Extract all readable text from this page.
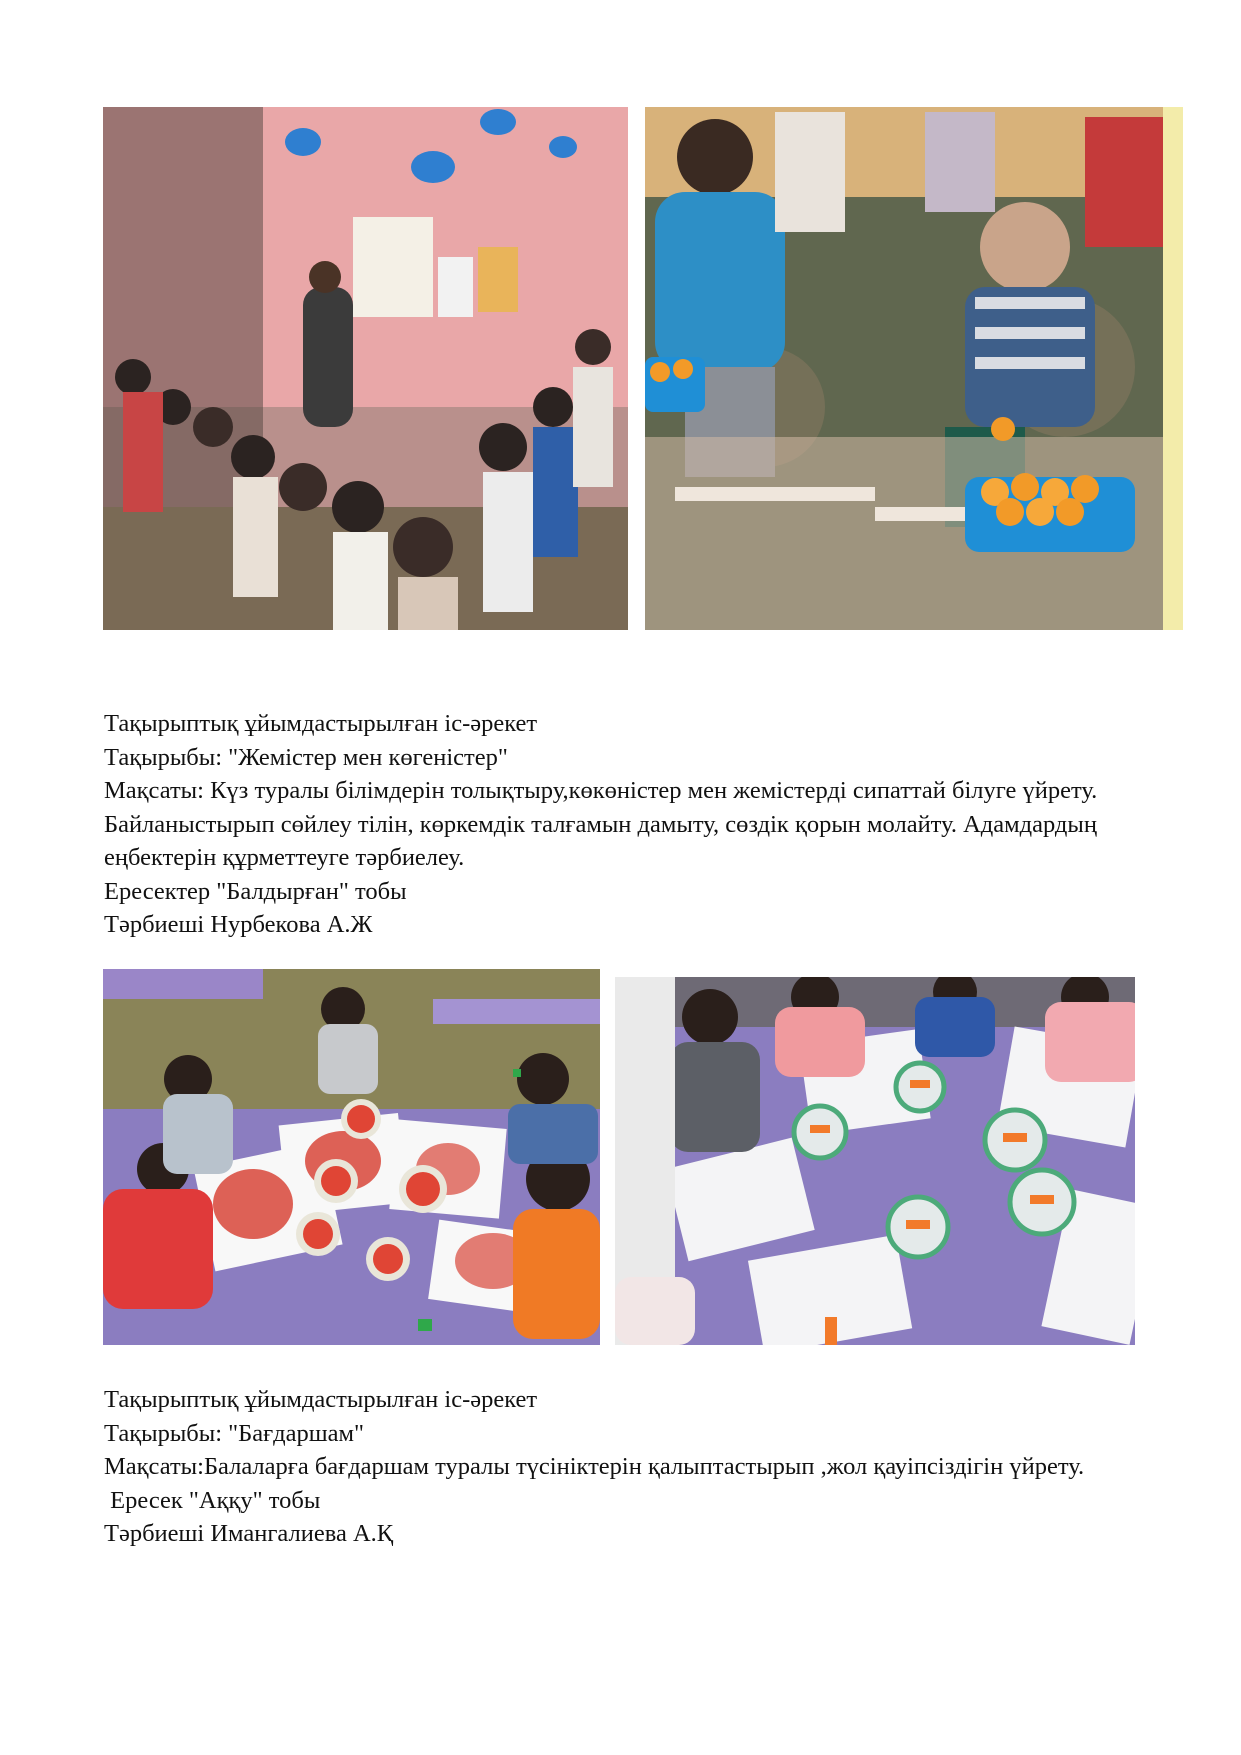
Тақырыптық ұйымдастырылған іс-әрекет

Тақырыбы: "Жемістер мен көгеністер"

Мақсаты: Күз туралы білімдерін толықтыру,көкөністер мен жемістерді сипаттай білуге үйрету. Байланыстырып сөйлеу тілін, көркемдік талғамын дамыту, сөздік қорын молайту. Адамдардың еңбектерін құрметтеуге тәрбиелеу.

Ересектер "Балдырған" тобы

Тәрбиеші Нурбекова А.Ж

Тақырыптық ұйымдастырылған іс-әрекет

Тақырыбы: "Бағдаршам"

Мақсаты:Балаларға бағдаршам туралы түсініктерін қалыптастырып ,жол қауіпсіздігін үйрету.

Ересек "Аққу" тобы

Тәрбиеші Имангалиева А.Қ
